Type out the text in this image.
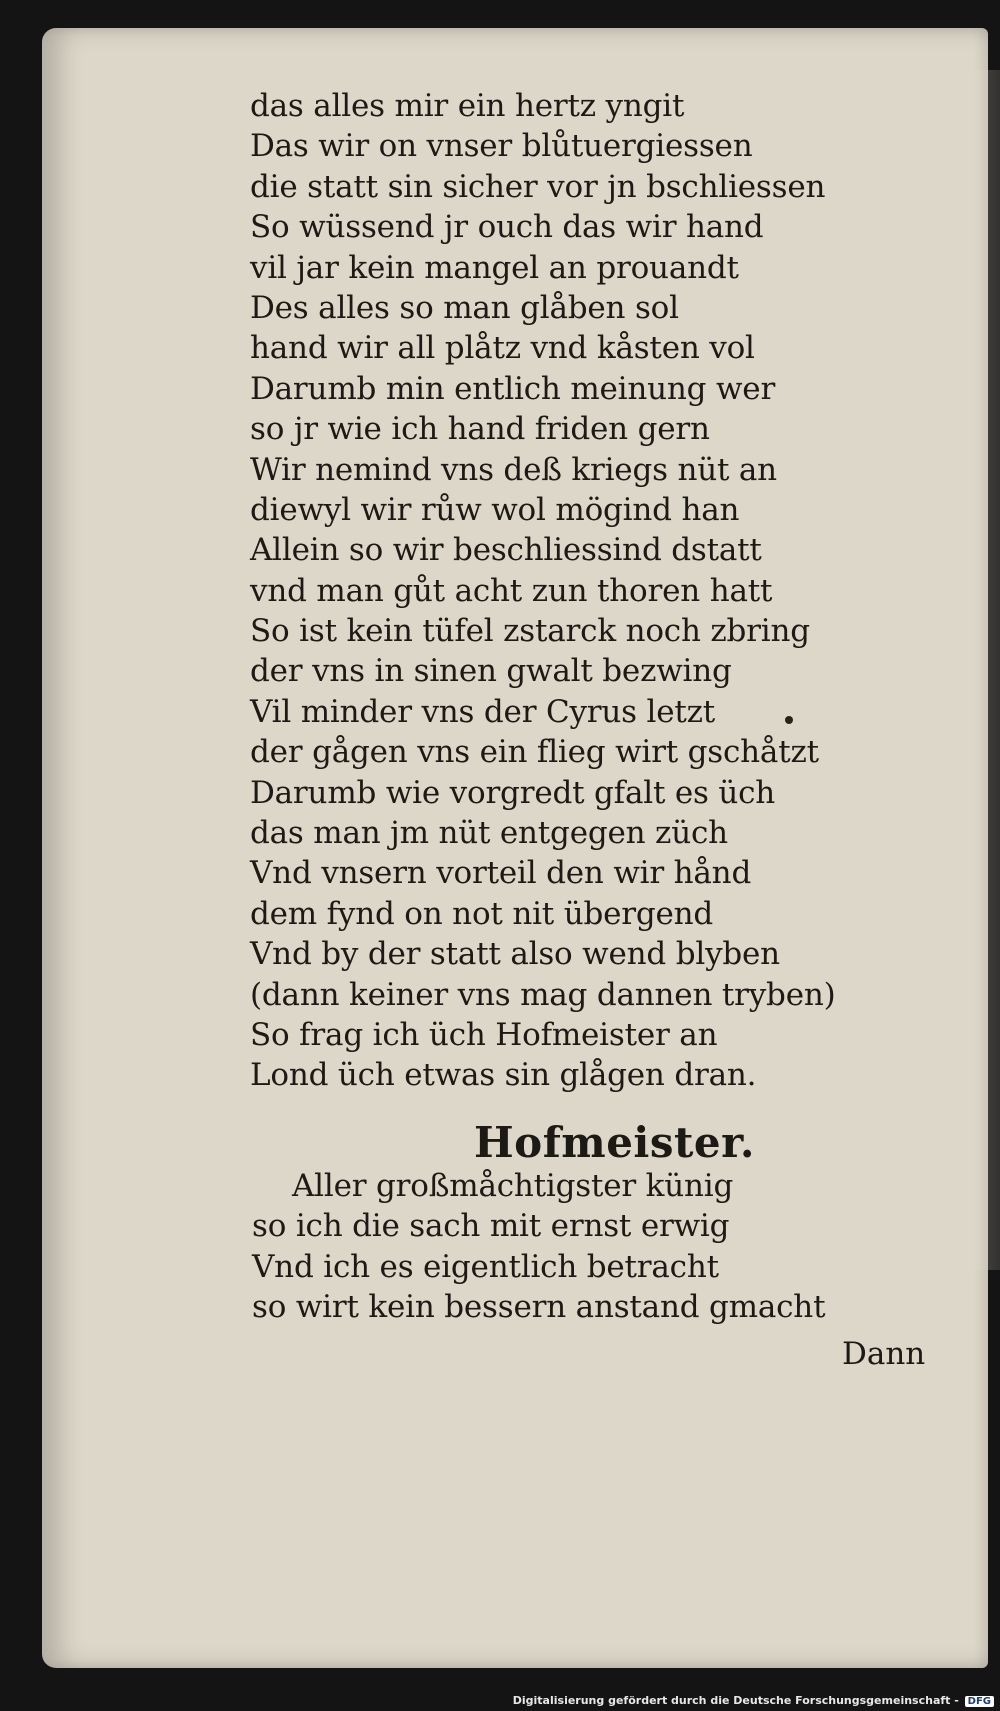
das alles mir ein hertz yngit
Das wir on vnser blůtuergiessen
die statt sin sicher vor jn bschliessen
So wüssend jr ouch das wir hand
vil jar kein mangel an prouandt
Des alles so man glåben sol
hand wir all plåtz vnd kåsten vol
Darumb min entlich meinung wer
so jr wie ich hand friden gern
Wir nemind vns deß kriegs nüt an
diewyl wir růw wol mögind han
Allein so wir beschliessind dstatt
vnd man gůt acht zun thoren hatt
So ist kein tüfel zstarck noch zbring
der vns in sinen gwalt bezwing
Vil minder vns der Cyrus letzt
der gågen vns ein flieg wirt gschåtzt
Darumb wie vorgredt gfalt es üch
das man jm nüt entgegen züch
Vnd vnsern vorteil den wir hånd
dem fynd on not nit übergend
Vnd by der statt also wend blyben
(dann keiner vns mag dannen tryben)
So frag ich üch Hofmeister an
Lond üch etwas sin glågen dran.
Hofmeister.
Aller großmåchtigster künig
so ich die sach mit ernst erwig
Vnd ich es eigentlich betracht
so wirt kein bessern anstand gmacht
Dann
Digitalisierung gefördert durch die Deutsche Forschungsgemeinschaft - DFG
